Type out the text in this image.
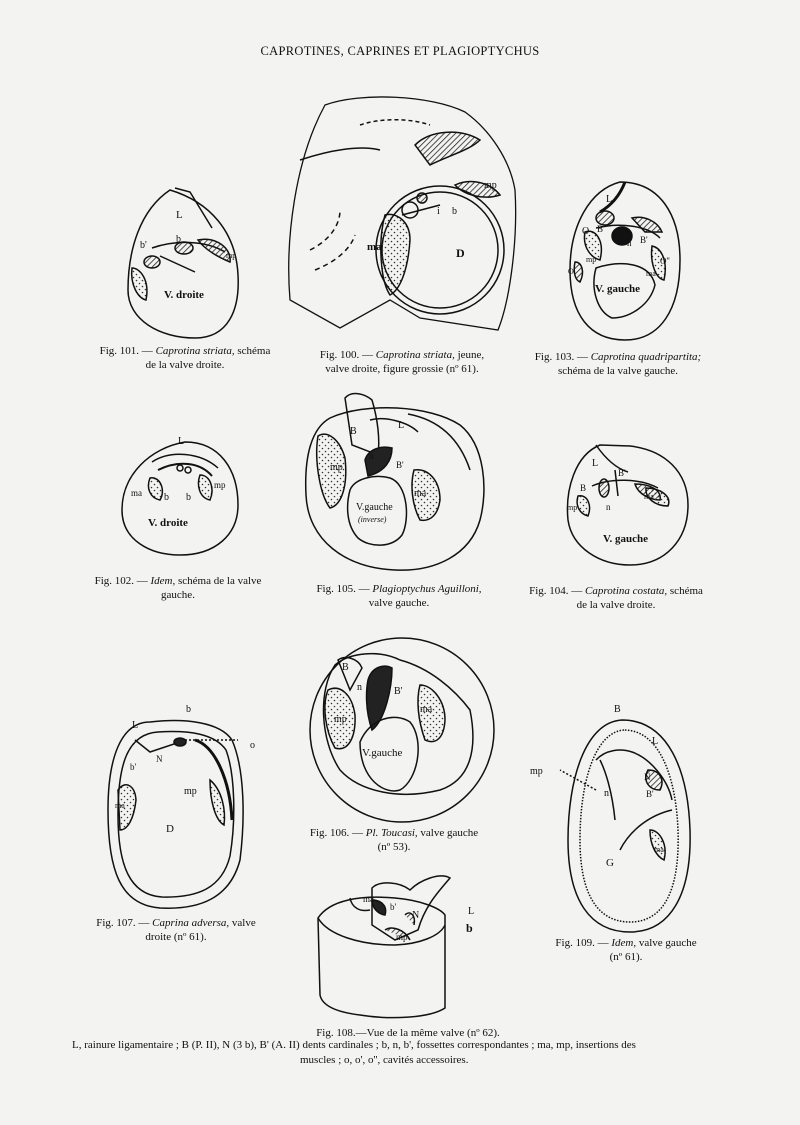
CAPROTINES, CAPRINES ET PLAGIOPTYCHUS
L
b'
b
mp
V. droite
mp
ma	D
i b
L
O B
n B'
O''
O'	ma
mp
V. gauche
L
ma
mp
b b
V. droite
B
L
n
B'
mp
ma
V.gauche
(inverse)
L
B'
B
mp
ma
n
V. gauche
B
n	B'
mp
ma
V.gauche
L
b
o
b'
N
mp
ma
D
ma
b'
N	L
b
mp
B
L
mp	N
n	B'
G
ma
Fig. 101. — Caprotina striata, schéma
de la valve droite.
Fig. 100. — Caprotina striata, jeune,
valve droite, figure grossie (nº 61).
Fig. 103. — Caprotina quadripartita;
schéma de la valve gauche.
Fig. 102. — Idem, schéma de la valve
gauche.	Fig. 105. — Plagioptychus Aguilloni,
valve gauche.
Fig. 104. — Caprotina costata, schéma
de la valve droite.
Fig. 106. — Pl. Toucasi, valve gauche
(nº 53).
Fig. 107. — Caprina adversa, valve
droite (nº 61).
Fig. 108.—Vue de la même valve (nº 62).
Fig. 109. — Idem, valve gauche
(nº 61).
L, rainure ligamentaire ; B (P. II), N (3 b), B' (A. II) dents cardinales ; b, n, b', fossettes correspondantes ; ma, mp, insertions des
muscles ; o, o', o'', cavités accessoires.
